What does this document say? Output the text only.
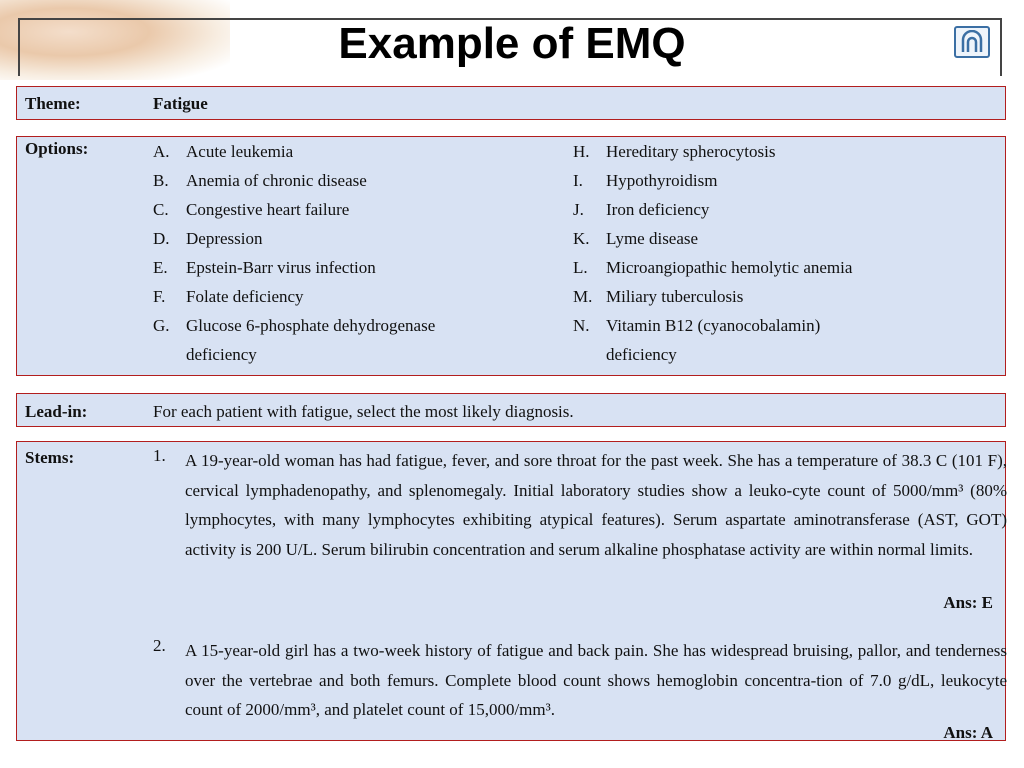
Example of EMQ
Theme:	Fatigue
Options:	A. Acute leukemia
B.	Anemia of chronic disease
C.	Congestive heart failure
D. Depression
E.	Epstein-Barr virus infection
F.	Folate deficiency
G. Glucose 6-phosphate dehydrogenase deficiency
H. Hereditary spherocytosis
I.	Hypothyroidism
J.	Iron deficiency
K. Lyme disease
L.	Microangiopathic hemolytic anemia
M. Miliary tuberculosis
N. Vitamin B12 (cyanocobalamin) deficiency
Lead-in:	For each patient with fatigue, select the most likely diagnosis.
Stems:	1. A 19-year-old woman has had fatigue, fever, and sore throat for the past week. She has a temperature of 38.3 C (101 F), cervical lymphadenopathy, and splenomegaly. Initial laboratory studies show a leuko-cyte count of 5000/mm³ (80% lymphocytes, with many lymphocytes exhibiting atypical features). Serum aspartate aminotransferase (AST, GOT) activity is 200 U/L. Serum bilirubin concentration and serum alkaline phosphatase activity are within normal limits.
Ans: E
2. A 15-year-old girl has a two-week history of fatigue and back pain. She has widespread bruising, pallor, and tenderness over the vertebrae and both femurs. Complete blood count shows hemoglobin concentra-tion of 7.0 g/dL, leukocyte count of 2000/mm³, and platelet count of 15,000/mm³.
Ans: A
